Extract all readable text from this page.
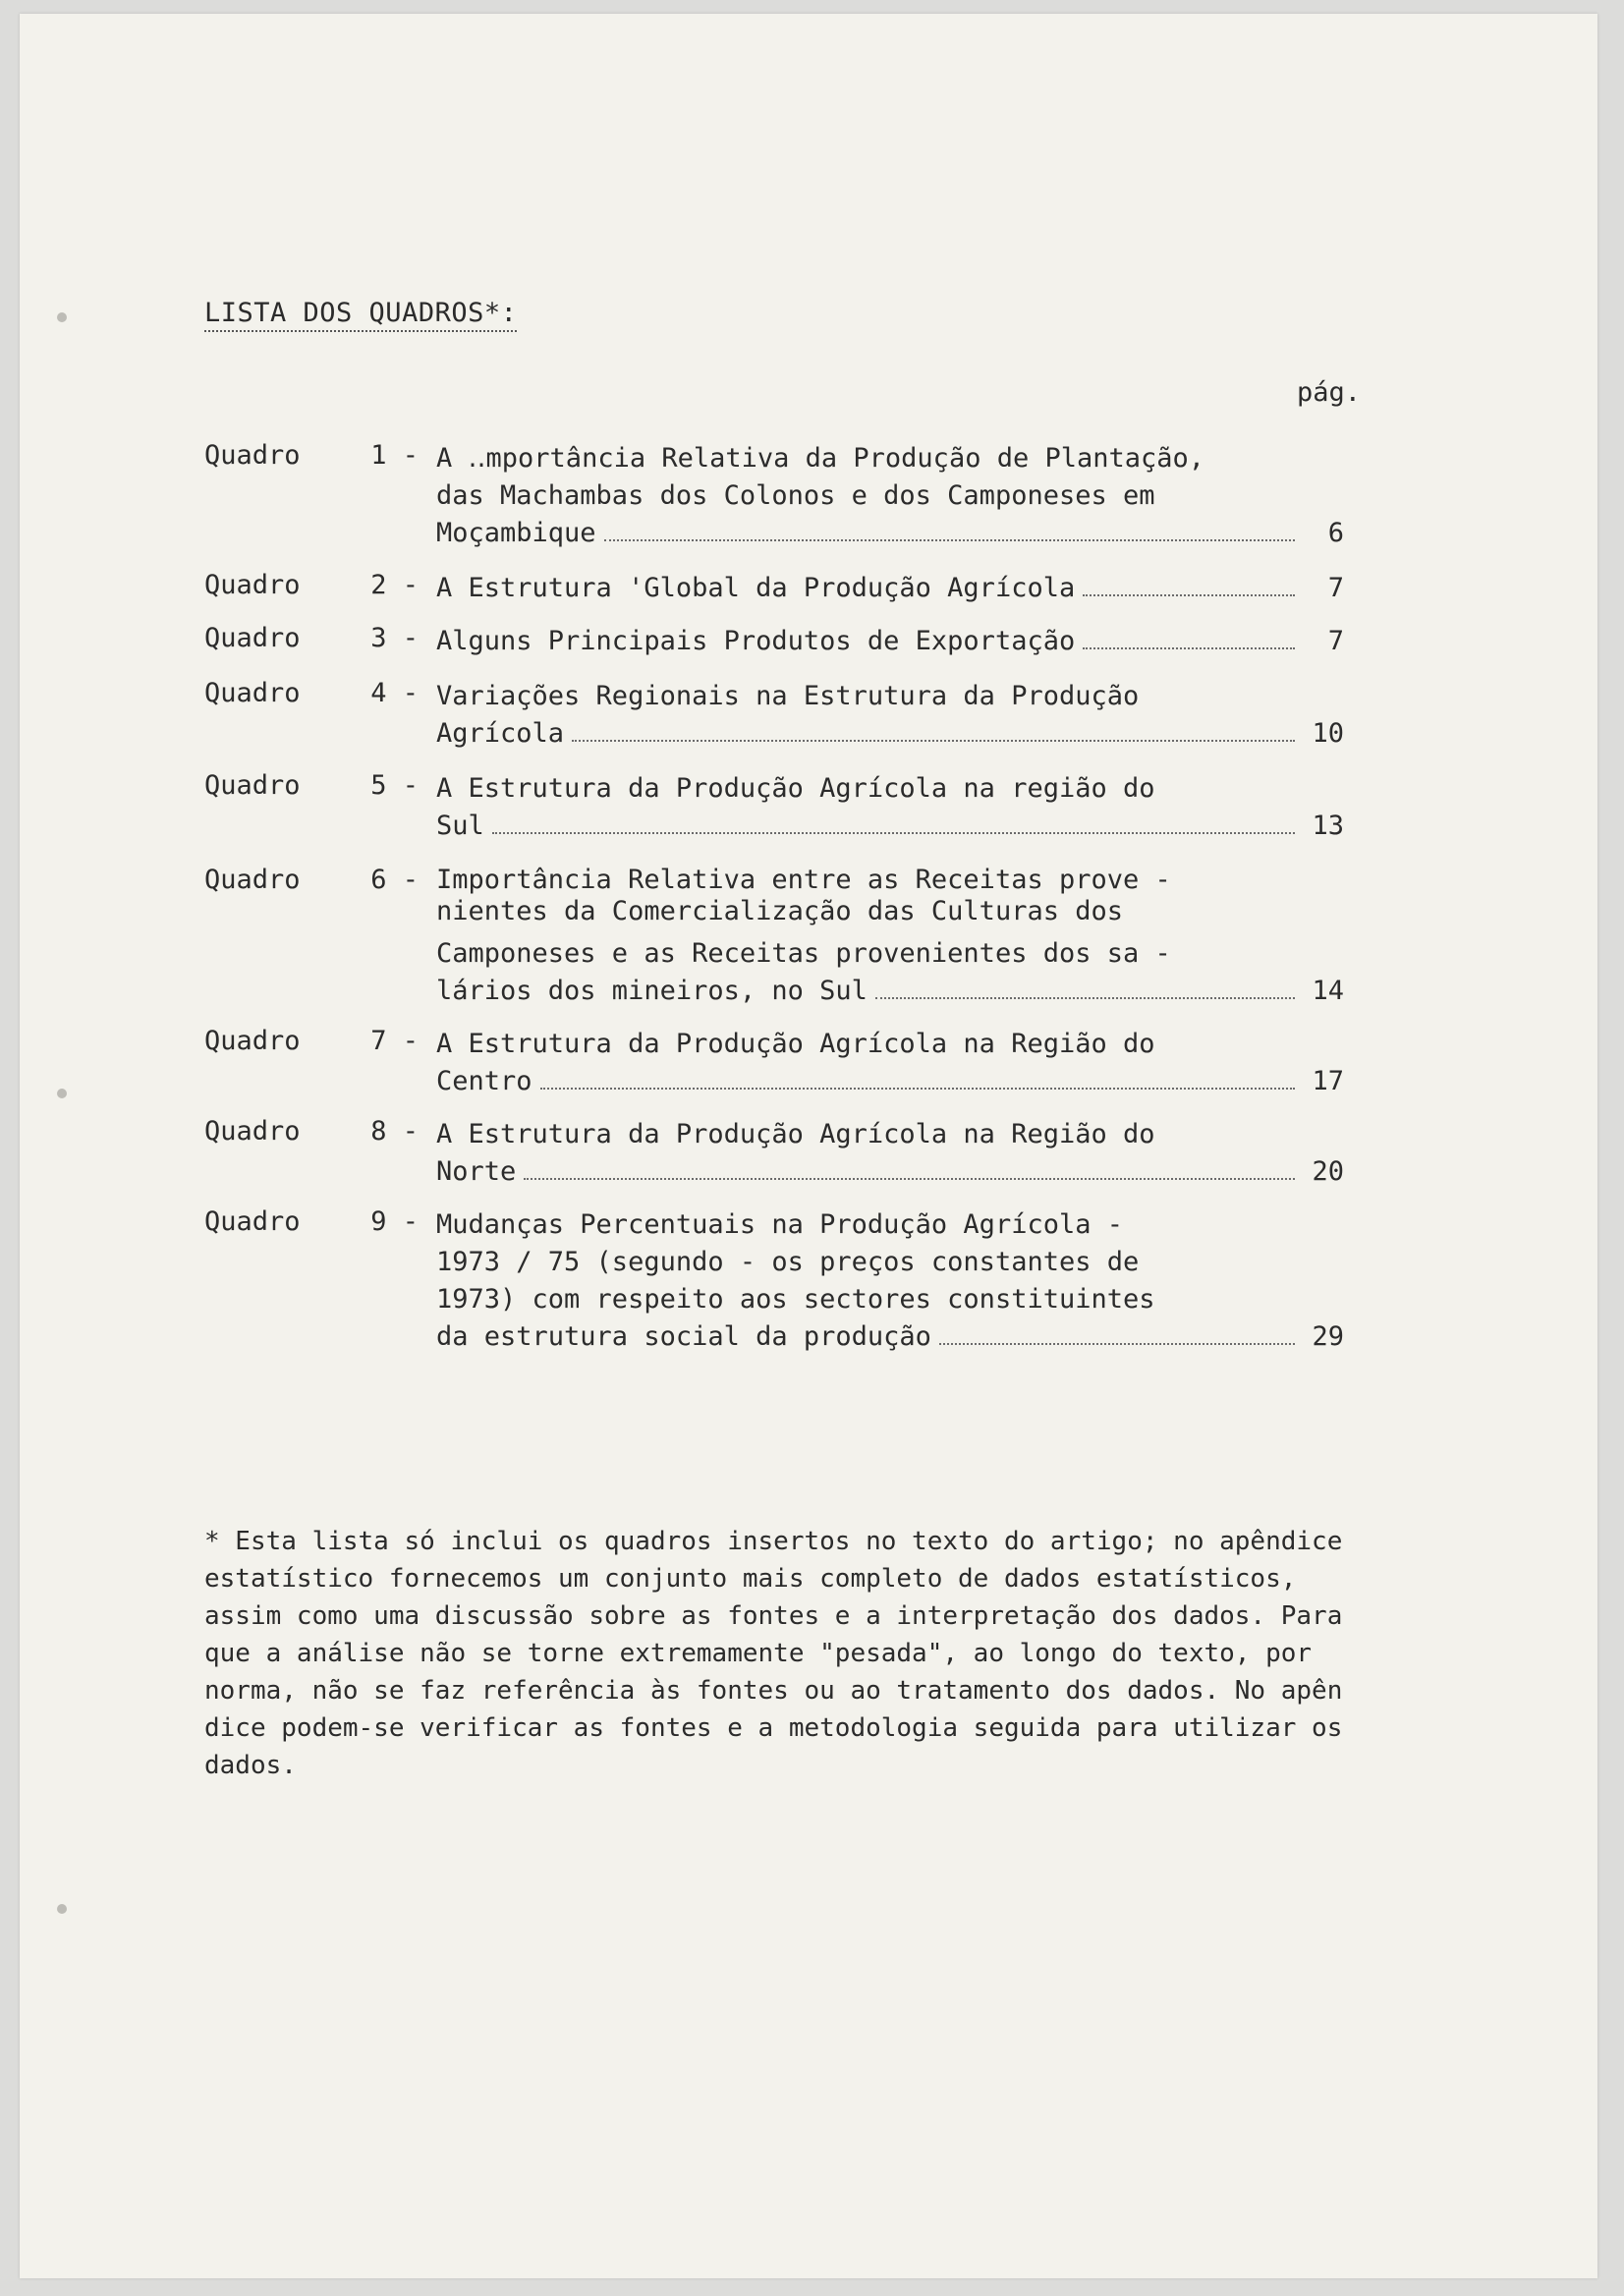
LISTA DOS QUADROS*:
pág.
Quadro	1 - A ‥mportância Relativa da Produção de Plantação,
das Machambas dos Colonos e dos Camponeses em
Moçambique	6
Quadro	2 - A Estrutura 'Global da Produção Agrícola	7
Quadro	3 - Alguns Principais Produtos de Exportação	7
Quadro	4 - Variações Regionais na Estrutura da Produção
Agrícola	10
Quadro	5 - A Estrutura da Produção Agrícola na região do
Sul	13
Quadro	6 - Importância Relativa entre as Receitas prove -
nientes da Comercialização das Culturas dos
Camponeses e as Receitas provenientes dos sa -
lários dos mineiros, no Sul	14
Quadro	7 - A Estrutura da Produção Agrícola na Região do
Centro	17
Quadro	8 - A Estrutura da Produção Agrícola na Região do
Norte	20
Quadro	9 - Mudanças Percentuais na Produção Agrícola -
1973 / 75 (segundo - os preços constantes de
1973) com respeito aos sectores constituintes
da estrutura social da produção	29
* Esta lista só inclui os quadros insertos no texto do artigo; no apêndice
estatístico fornecemos um conjunto mais completo de dados estatísticos,
assim como uma discussão sobre as fontes e a interpretação dos dados. Para
que a análise não se torne extremamente "pesada", ao longo do texto, por
norma, não se faz referência às fontes ou ao tratamento dos dados. No apên
dice podem-se verificar as fontes e a metodologia seguida para utilizar os
dados.
